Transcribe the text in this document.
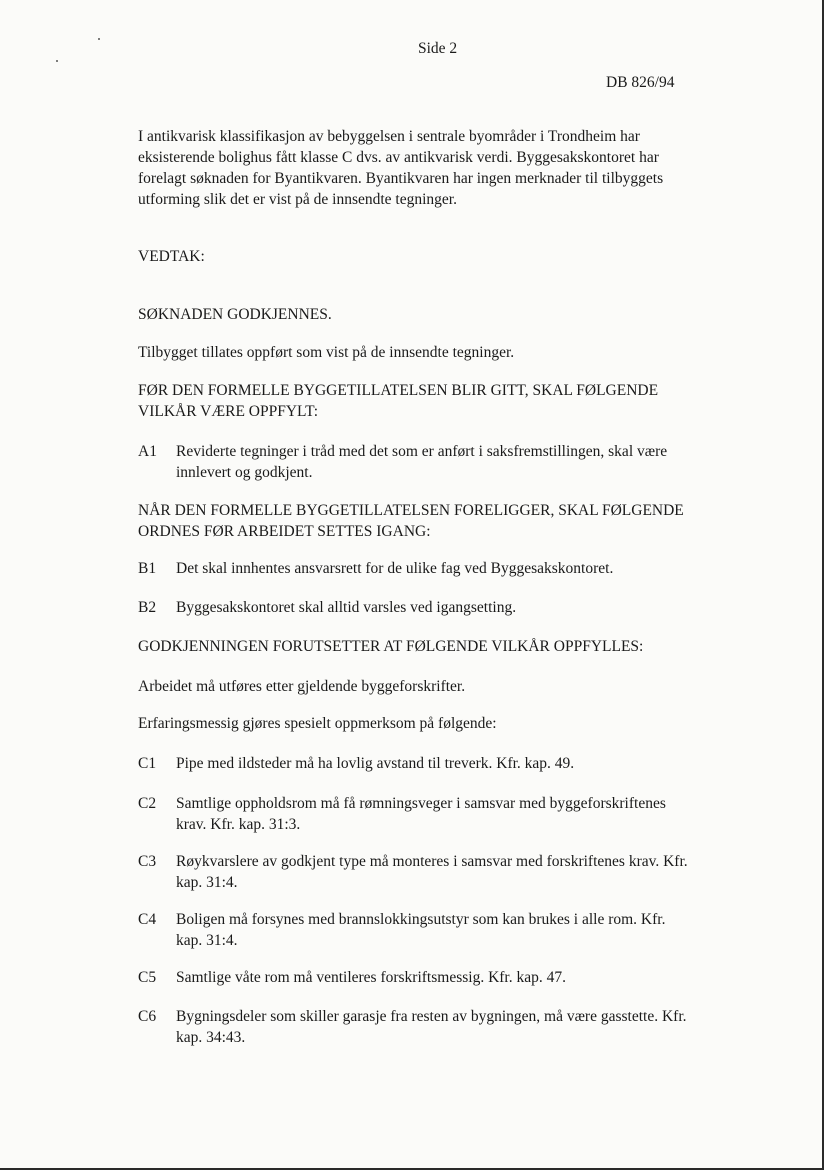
Side 2
DB 826/94
I antikvarisk klassifikasjon av bebyggelsen i sentrale byområder i Trondheim har
eksisterende bolighus fått klasse C dvs. av antikvarisk verdi. Byggesakskontoret har
forelagt søknaden for Byantikvaren. Byantikvaren har ingen merknader til tilbyggets
utforming slik det er vist på de innsendte tegninger.
VEDTAK:
SØKNADEN GODKJENNES.
Tilbygget tillates oppført som vist på de innsendte tegninger.
FØR DEN FORMELLE BYGGETILLATELSEN BLIR GITT, SKAL FØLGENDE
VILKÅR VÆRE OPPFYLT:
A1 Reviderte tegninger i tråd med det som er anført i saksfremstillingen, skal være
innlevert og godkjent.
NÅR DEN FORMELLE BYGGETILLATELSEN FORELIGGER, SKAL FØLGENDE
ORDNES FØR ARBEIDET SETTES IGANG:
B1 Det skal innhentes ansvarsrett for de ulike fag ved Byggesakskontoret.
B2 Byggesakskontoret skal alltid varsles ved igangsetting.
GODKJENNINGEN FORUTSETTER AT FØLGENDE VILKÅR OPPFYLLES:
Arbeidet må utføres etter gjeldende byggeforskrifter.
Erfaringsmessig gjøres spesielt oppmerksom på følgende:
C1 Pipe med ildsteder må ha lovlig avstand til treverk. Kfr. kap. 49.
C2 Samtlige oppholdsrom må få rømningsveger i samsvar med byggeforskriftenes
krav. Kfr. kap. 31:3.
C3 Røykvarslere av godkjent type må monteres i samsvar med forskriftenes krav. Kfr.
kap. 31:4.
C4 Boligen må forsynes med brannslokkingsutstyr som kan brukes i alle rom. Kfr.
kap. 31:4.
C5 Samtlige våte rom må ventileres forskriftsmessig. Kfr. kap. 47.
C6 Bygningsdeler som skiller garasje fra resten av bygningen, må være gasstette. Kfr.
kap. 34:43.
